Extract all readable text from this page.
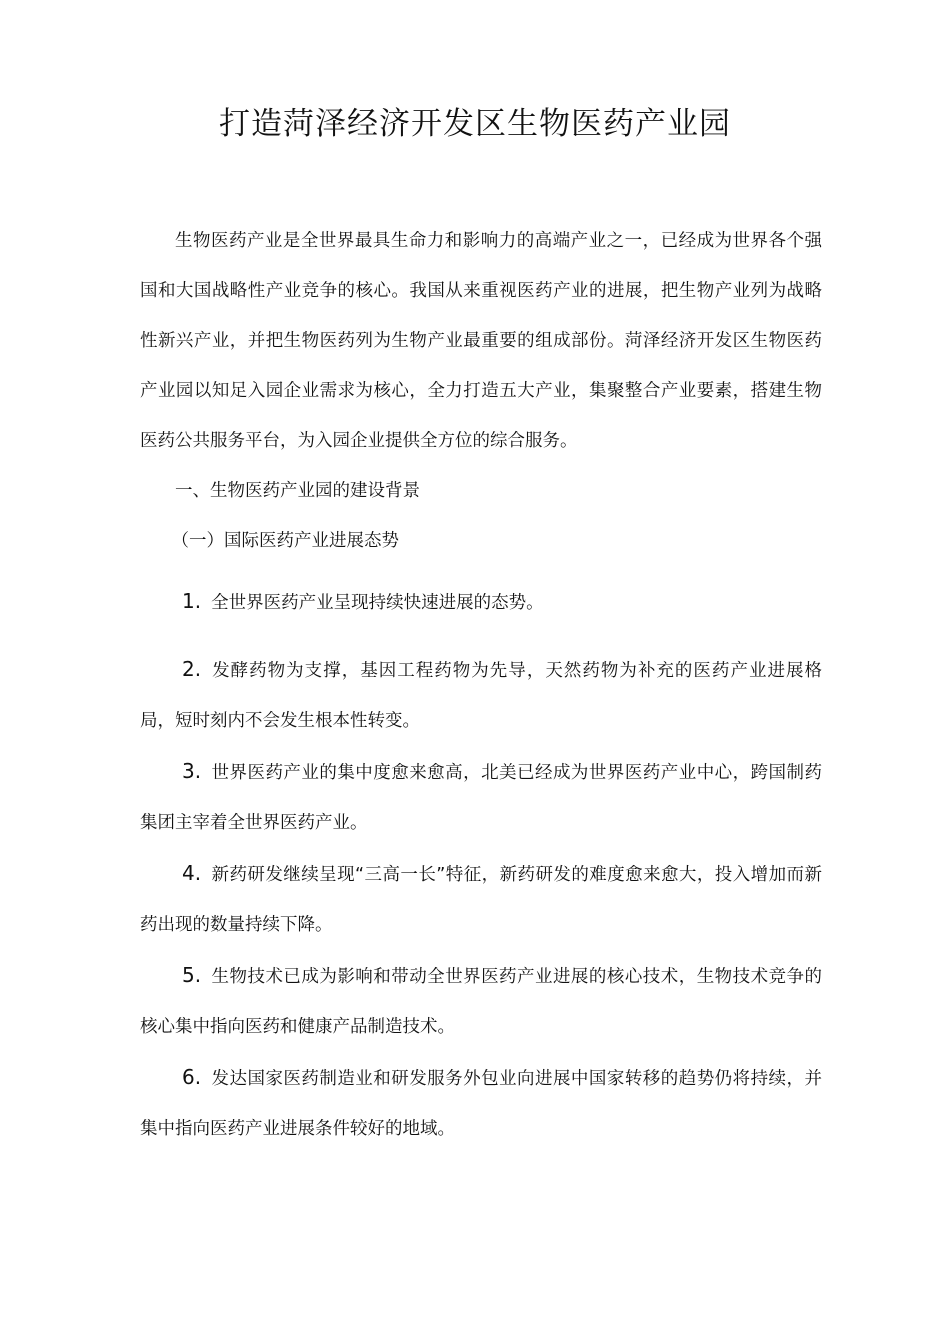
打造菏泽经济开发区生物医药产业园

生物医药产业是全世界最具生命力和影响力的高端产业之一，已经成为世界各个强国和大国战略性产业竞争的核心。我国从来重视医药产业的进展，把生物产业列为战略性新兴产业，并把生物医药列为生物产业最重要的组成部份。菏泽经济开发区生物医药产业园以知足入园企业需求为核心，全力打造五大产业，集聚整合产业要素，搭建生物医药公共服务平台，为入园企业提供全方位的综合服务。

一、生物医药产业园的建设背景

（一）国际医药产业进展态势

1. 全世界医药产业呈现持续快速进展的态势。

2. 发酵药物为支撑，基因工程药物为先导，天然药物为补充的医药产业进展格局，短时刻内不会发生根本性转变。

3. 世界医药产业的集中度愈来愈高，北美已经成为世界医药产业中心，跨国制药集团主宰着全世界医药产业。

4. 新药研发继续呈现“三高一长”特征，新药研发的难度愈来愈大，投入增加而新药出现的数量持续下降。

5. 生物技术已成为影响和带动全世界医药产业进展的核心技术，生物技术竞争的核心集中指向医药和健康产品制造技术。

6. 发达国家医药制造业和研发服务外包业向进展中国家转移的趋势仍将持续，并集中指向医药产业进展条件较好的地域。
